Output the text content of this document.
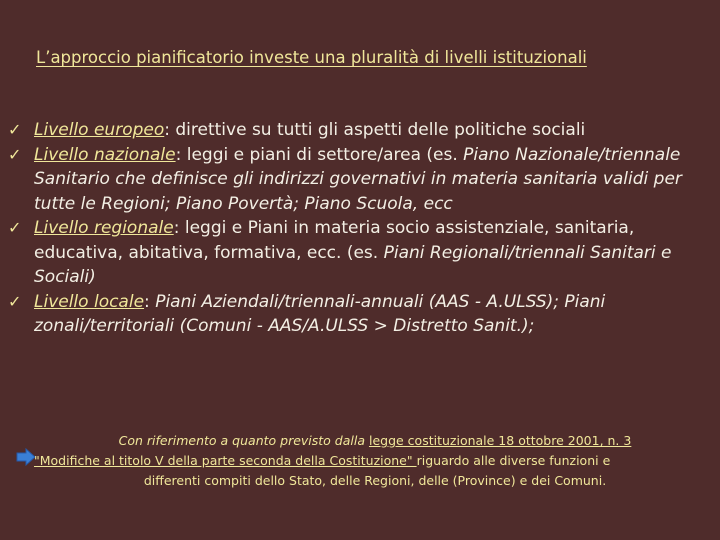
L’approccio pianificatorio investe una pluralità di livelli istituzionali
✓ Livello europeo: direttive su tutti gli aspetti delle politiche sociali
✓ Livello nazionale: leggi e piani di settore/area (es. Piano Nazionale/triennale Sanitario che definisce gli indirizzi governativi in materia sanitaria validi per tutte le Regioni; Piano Povertà; Piano Scuola, ecc
✓ Livello regionale: leggi e Piani in materia socio assistenziale, sanitaria, educativa, abitativa, formativa, ecc. (es. Piani Regionali/triennali Sanitari e Sociali)
✓ Livello locale: Piani Aziendali/triennali-annuali (AAS - A.ULSS); Piani zonali/territoriali (Comuni - AAS/A.ULSS > Distretto Sanit.);
Con riferimento a quanto previsto dalla legge costituzionale 18 ottobre 2001, n. 3
"Modifiche al titolo V della parte seconda della Costituzione" riguardo alle diverse funzioni e
differenti compiti dello Stato, delle Regioni, delle (Province) e dei Comuni.
